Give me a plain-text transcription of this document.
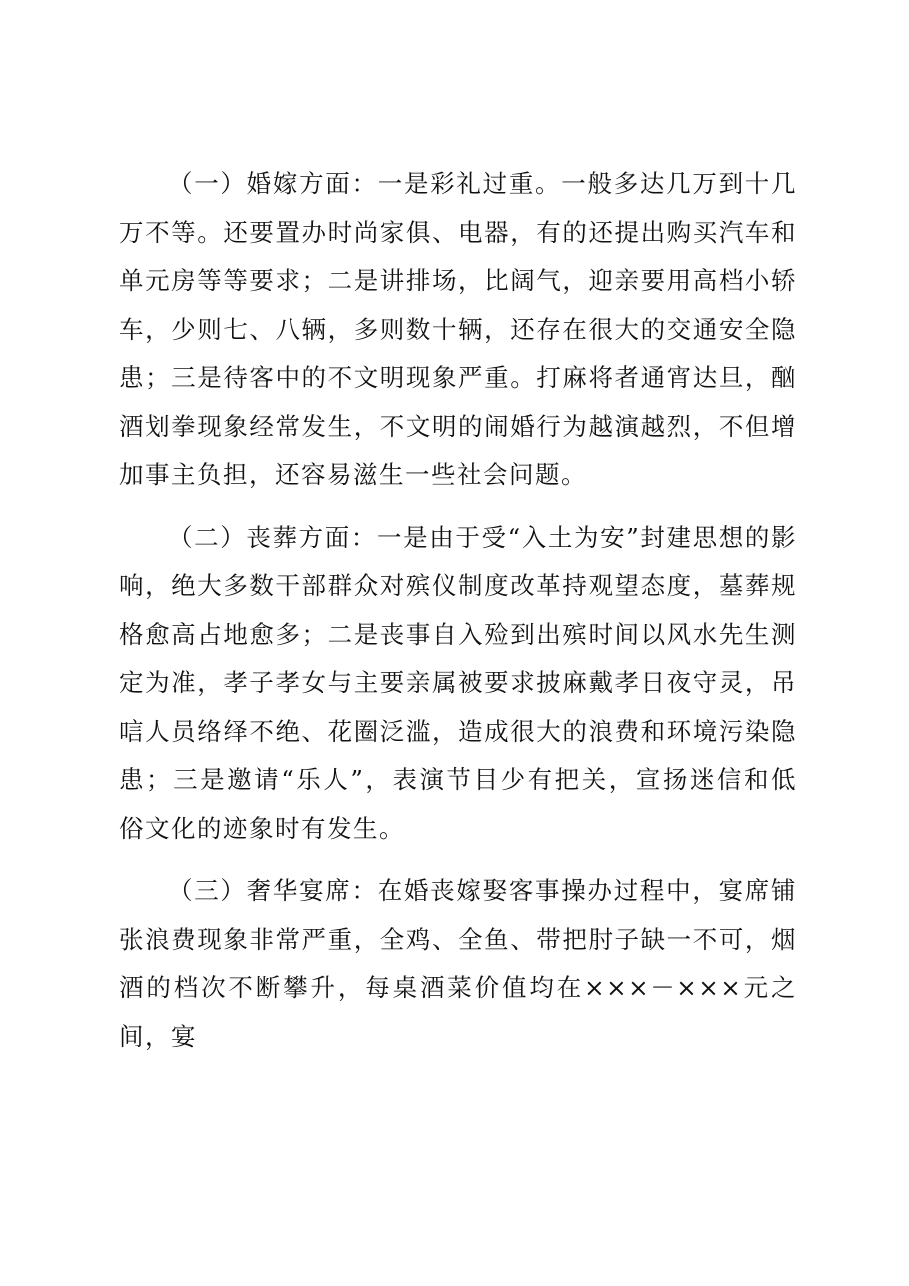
（一）婚嫁方面：一是彩礼过重。一般多达几万到十几万不等。还要置办时尚家俱、电器，有的还提出购买汽车和单元房等等要求；二是讲排场，比阔气，迎亲要用高档小轿车，少则七、八辆，多则数十辆，还存在很大的交通安全隐患；三是待客中的不文明现象严重。打麻将者通宵达旦，酗酒划拳现象经常发生，不文明的闹婚行为越演越烈，不但增加事主负担，还容易滋生一些社会问题。

（二）丧葬方面：一是由于受“入土为安”封建思想的影响，绝大多数干部群众对殡仪制度改革持观望态度，墓葬规格愈高占地愈多；二是丧事自入殓到出殡时间以风水先生测定为准，孝子孝女与主要亲属被要求披麻戴孝日夜守灵，吊唁人员络绎不绝、花圈泛滥，造成很大的浪费和环境污染隐患；三是邀请“乐人”，表演节目少有把关，宣扬迷信和低俗文化的迹象时有发生。

（三）奢华宴席：在婚丧嫁娶客事操办过程中，宴席铺张浪费现象非常严重，全鸡、全鱼、带把肘子缺一不可，烟酒的档次不断攀升，每桌酒菜价值均在×××－×××元之间，宴
